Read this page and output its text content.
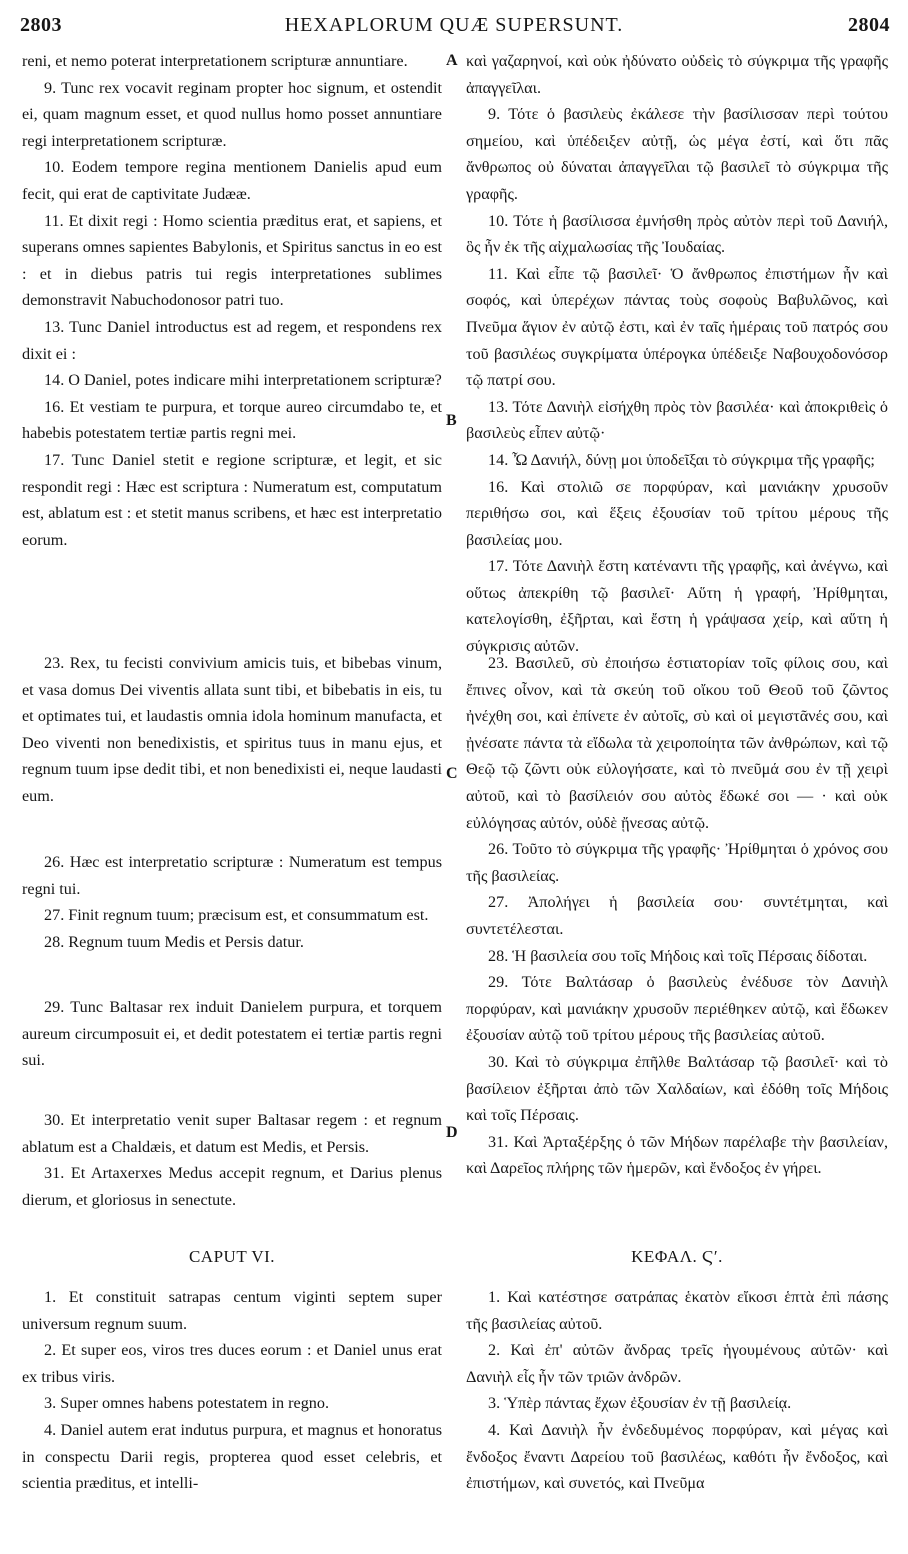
2803	HEXAPLORUM QUÆ SUPERSUNT.	2804
A
B
C
D

reni, et nemo poterat interpretationem scripturæ annuntiare.

9. Tunc rex vocavit reginam propter hoc signum, et ostendit ei, quam magnum esset, et quod nullus homo posset annuntiare regi interpretationem scripturæ.

10. Eodem tempore regina mentionem Danielis apud eum fecit, qui erat de captivitate Judææ.

11. Et dixit regi : Homo scientia præditus erat, et sapiens, et superans omnes sapientes Babylonis, et Spiritus sanctus in eo est : et in diebus patris tui regis interpretationes sublimes demonstravit Nabuchodonosor patri tuo.

13. Tunc Daniel introductus est ad regem, et respondens rex dixit ei :

14. O Daniel, potes indicare mihi interpretationem scripturæ?

16. Et vestiam te purpura, et torque aureo circumdabo te, et habebis potestatem tertiæ partis regni mei.

17. Tunc Daniel stetit e regione scripturæ, et legit, et sic respondit regi : Hæc est scriptura : Numeratum est, computatum est, ablatum est : et stetit manus scribens, et hæc est interpretatio eorum.

23. Rex, tu fecisti convivium amicis tuis, et bibebas vinum, et vasa domus Dei viventis allata sunt tibi, et bibebatis in eis, tu et optimates tui, et laudastis omnia idola hominum manufacta, et Deo viventi non benedixistis, et spiritus tuus in manu ejus, et regnum tuum ipse dedit tibi, et non benedixisti ei, neque laudasti eum.

26. Hæc est interpretatio scripturæ : Numeratum est tempus regni tui.

27. Finit regnum tuum; præcisum est, et consummatum est.

28. Regnum tuum Medis et Persis datur.

29. Tunc Baltasar rex induit Danielem purpura, et torquem aureum circumposuit ei, et dedit potestatem ei tertiæ partis regni sui.

30. Et interpretatio venit super Baltasar regem : et regnum ablatum est a Chaldæis, et datum est Medis, et Persis.

31. Et Artaxerxes Medus accepit regnum, et Darius plenus dierum, et gloriosus in senectute.

CAPUT VI.

1. Et constituit satrapas centum viginti septem super universum regnum suum.

2. Et super eos, viros tres duces eorum : et Daniel unus erat ex tribus viris.

3. Super omnes habens potestatem in regno.

4. Daniel autem erat indutus purpura, et magnus et honoratus in conspectu Darii regis, propterea quod esset celebris, et scientia præditus, et intelli-

καὶ γαζαρηνοί, καὶ οὐκ ἠδύνατο οὐδεὶς τὸ σύγκριμα τῆς γραφῆς ἀπαγγεῖλαι.

9. Τότε ὁ βασιλεὺς ἐκάλεσε τὴν βασίλισσαν περὶ τούτου σημείου, καὶ ὑπέδειξεν αὐτῇ, ὡς μέγα ἐστί, καὶ ὅτι πᾶς ἄνθρωπος οὐ δύναται ἀπαγγεῖλαι τῷ βασιλεῖ τὸ σύγκριμα τῆς γραφῆς.

10. Τότε ἡ βασίλισσα ἐμνήσθη πρὸς αὐτὸν περὶ τοῦ Δανιήλ, ὃς ἦν ἐκ τῆς αἰχμαλωσίας τῆς Ἰουδαίας.

11. Καὶ εἶπε τῷ βασιλεῖ· Ὁ ἄνθρωπος ἐπιστήμων ἦν καὶ σοφός, καὶ ὑπερέχων πάντας τοὺς σοφοὺς Βαβυλῶνος, καὶ Πνεῦμα ἅγιον ἐν αὐτῷ ἐστι, καὶ ἐν ταῖς ἡμέραις τοῦ πατρός σου τοῦ βασιλέως συγκρίματα ὑπέρογκα ὑπέδειξε Ναβουχοδονόσορ τῷ πατρί σου.

13. Τότε Δανιὴλ εἰσήχθη πρὸς τὸν βασιλέα· καὶ ἀποκριθεὶς ὁ βασιλεὺς εἶπεν αὐτῷ·

14. Ὦ Δανιήλ, δύνῃ μοι ὑποδεῖξαι τὸ σύγκριμα τῆς γραφῆς;

16. Καὶ στολιῶ σε πορφύραν, καὶ μανιάκην χρυσοῦν περιθήσω σοι, καὶ ἕξεις ἐξουσίαν τοῦ τρίτου μέρους τῆς βασιλείας μου.

17. Τότε Δανιὴλ ἔστη κατέναντι τῆς γραφῆς, καὶ ἀνέγνω, καὶ οὕτως ἀπεκρίθη τῷ βασιλεῖ· Αὕτη ἡ γραφή, Ἠρίθμηται, κατελογίσθη, ἐξῆρται, καὶ ἔστη ἡ γράψασα χείρ, καὶ αὕτη ἡ σύγκρισις αὐτῶν.

23. Βασιλεῦ, σὺ ἐποιήσω ἑστιατορίαν τοῖς φίλοις σου, καὶ ἔπινες οἶνον, καὶ τὰ σκεύη τοῦ οἴκου τοῦ Θεοῦ τοῦ ζῶντος ἠνέχθη σοι, καὶ ἐπίνετε ἐν αὐτοῖς, σὺ καὶ οἱ μεγιστᾶνές σου, καὶ ᾐνέσατε πάντα τὰ εἴδωλα τὰ χειροποίητα τῶν ἀνθρώπων, καὶ τῷ Θεῷ τῷ ζῶντι οὐκ εὐλογήσατε, καὶ τὸ πνεῦμά σου ἐν τῇ χειρὶ αὐτοῦ, καὶ τὸ βασίλειόν σου αὐτὸς ἔδωκέ σοι — · καὶ οὐκ εὐλόγησας αὐτόν, οὐδὲ ᾔνεσας αὐτῷ.

26. Τοῦτο τὸ σύγκριμα τῆς γραφῆς· Ἠρίθμηται ὁ χρόνος σου τῆς βασιλείας.

27. Ἀπολήγει ἡ βασιλεία σου· συντέτμηται, καὶ συντετέλεσται.

28. Ἡ βασιλεία σου τοῖς Μήδοις καὶ τοῖς Πέρσαις δίδοται.

29. Τότε Βαλτάσαρ ὁ βασιλεὺς ἐνέδυσε τὸν Δανιὴλ πορφύραν, καὶ μανιάκην χρυσοῦν περιέθηκεν αὐτῷ, καὶ ἔδωκεν ἐξουσίαν αὐτῷ τοῦ τρίτου μέρους τῆς βασιλείας αὐτοῦ.

30. Καὶ τὸ σύγκριμα ἐπῆλθε Βαλτάσαρ τῷ βασιλεῖ· καὶ τὸ βασίλειον ἐξῆρται ἀπὸ τῶν Χαλδαίων, καὶ ἐδόθη τοῖς Μήδοις καὶ τοῖς Πέρσαις.

31. Καὶ Ἀρταξέρξης ὁ τῶν Μήδων παρέλαβε τὴν βασιλείαν, καὶ Δαρεῖος πλήρης τῶν ἡμερῶν, καὶ ἔνδοξος ἐν γήρει.

ΚΕΦΑΛ. Ϛʹ.

1. Καὶ κατέστησε σατράπας ἑκατὸν εἴκοσι ἑπτὰ ἐπὶ πάσης τῆς βασιλείας αὐτοῦ.

2. Καὶ ἐπ' αὐτῶν ἄνδρας τρεῖς ἡγουμένους αὐτῶν· καὶ Δανιὴλ εἷς ἦν τῶν τριῶν ἀνδρῶν.

3. Ὑπὲρ πάντας ἔχων ἐξουσίαν ἐν τῇ βασιλείᾳ.

4. Καὶ Δανιὴλ ἦν ἐνδεδυμένος πορφύραν, καὶ μέγας καὶ ἔνδοξος ἔναντι Δαρείου τοῦ βασιλέως, καθότι ἦν ἔνδοξος, καὶ ἐπιστήμων, καὶ συνετός, καὶ Πνεῦμα
